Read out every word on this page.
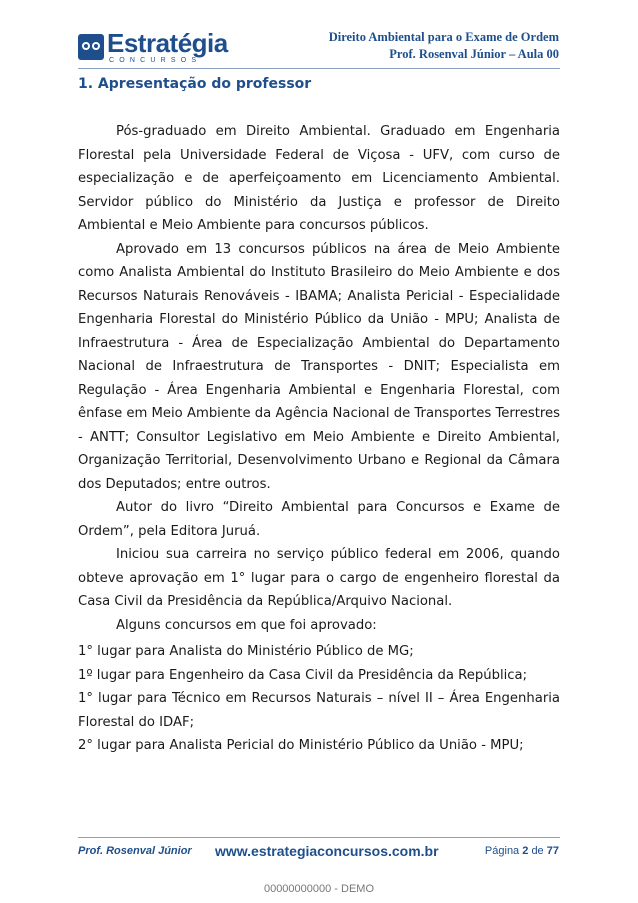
Estratégia
CONCURSOS
Direito Ambiental para o Exame de Ordem
Prof. Rosenval Júnior – Aula 00
1. Apresentação do professor

Pós-graduado em Direito Ambiental. Graduado em Engenharia Florestal pela Universidade Federal de Viçosa - UFV, com curso de especialização e de aperfeiçoamento em Licenciamento Ambiental. Servidor público do Ministério da Justiça e professor de Direito Ambiental e Meio Ambiente para concursos públicos.

Aprovado em 13 concursos públicos na área de Meio Ambiente como Analista Ambiental do Instituto Brasileiro do Meio Ambiente e dos Recursos Naturais Renováveis - IBAMA; Analista Pericial - Especialidade Engenharia Florestal do Ministério Público da União - MPU; Analista de Infraestrutura - Área de Especialização Ambiental do Departamento Nacional de Infraestrutura de Transportes - DNIT; Especialista em Regulação - Área Engenharia Ambiental e Engenharia Florestal, com ênfase em Meio Ambiente da Agência Nacional de Transportes Terrestres - ANTT; Consultor Legislativo em Meio Ambiente e Direito Ambiental, Organização Territorial, Desenvolvimento Urbano e Regional da Câmara dos Deputados; entre outros.

Autor do livro “Direito Ambiental para Concursos e Exame de Ordem”, pela Editora Juruá.

Iniciou sua carreira no serviço público federal em 2006, quando obteve aprovação em 1° lugar para o cargo de engenheiro florestal da Casa Civil da Presidência da República/Arquivo Nacional.

Alguns concursos em que foi aprovado:

1° lugar para Analista do Ministério Público de MG;

1º lugar para Engenheiro da Casa Civil da Presidência da República;

1° lugar para Técnico em Recursos Naturais – nível II – Área Engenharia Florestal do IDAF;

2° lugar para Analista Pericial do Ministério Público da União - MPU;

Prof. Rosenval Júnior www.estrategiaconcursos.com.br	Página 2 de 77
00000000000 - DEMO
